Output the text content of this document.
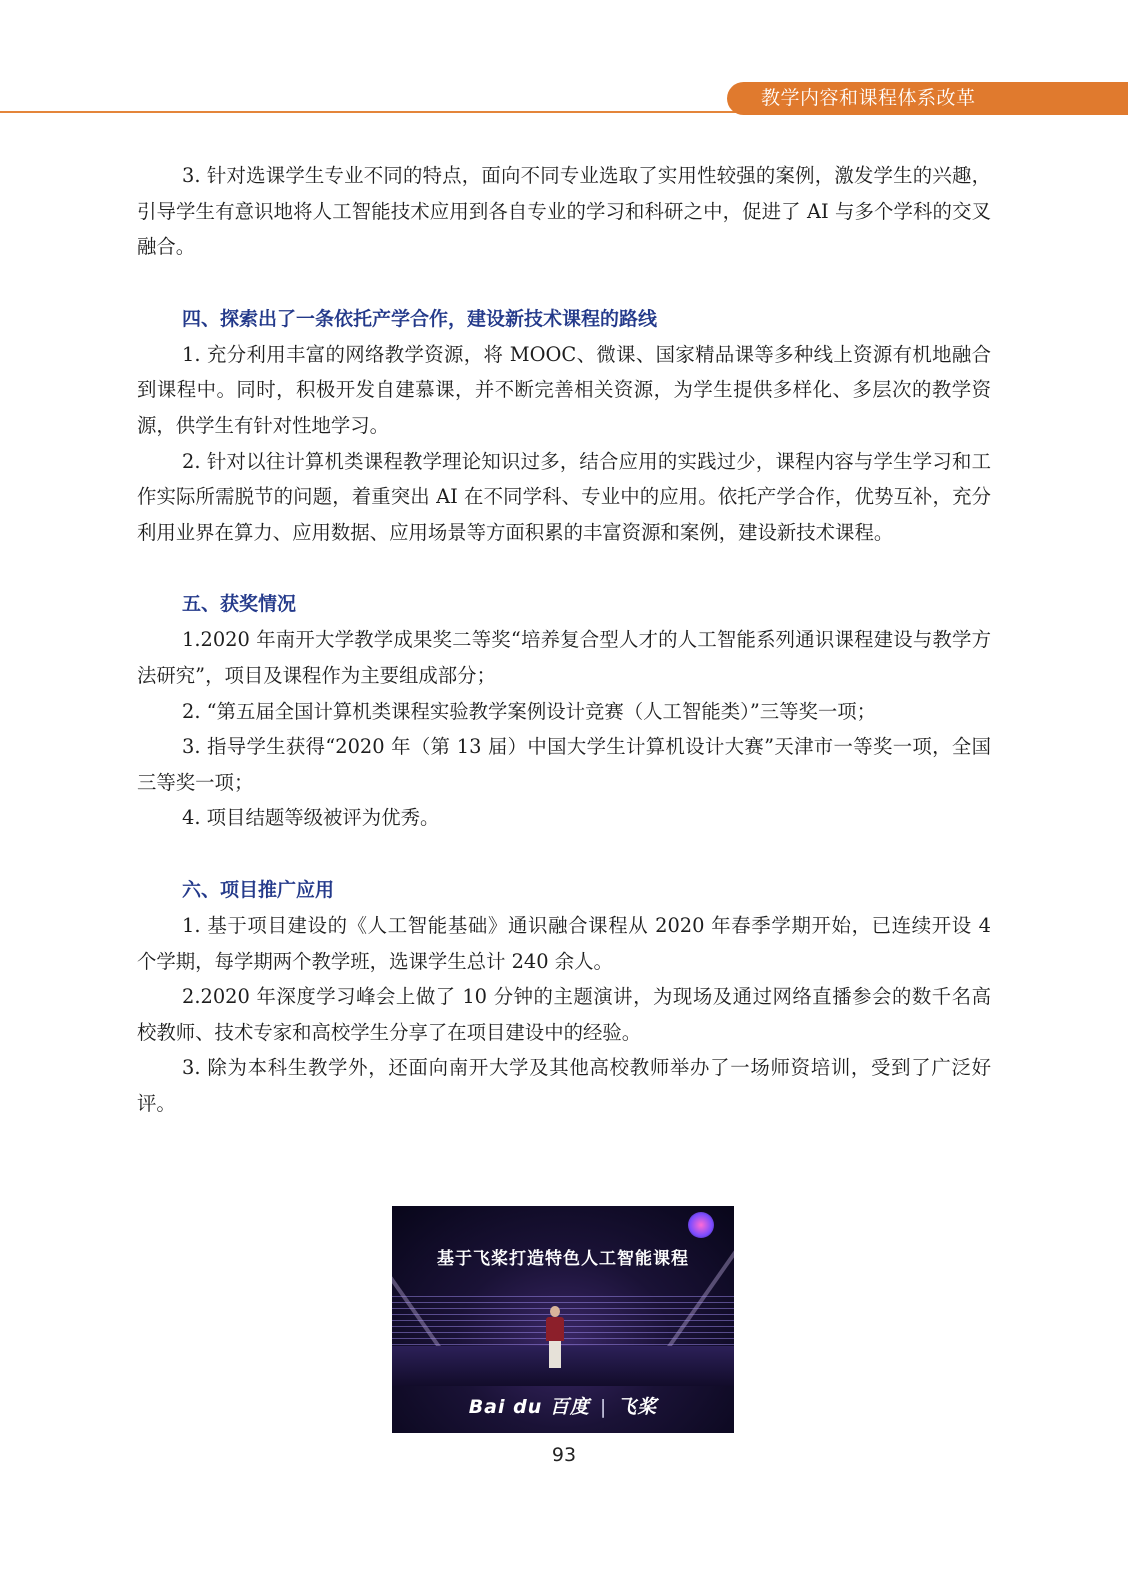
教学内容和课程体系改革

3. 针对选课学生专业不同的特点，面向不同专业选取了实用性较强的案例，激发学生的兴趣，引导学生有意识地将人工智能技术应用到各自专业的学习和科研之中，促进了 AI 与多个学科的交叉融合。

四、探索出了一条依托产学合作，建设新技术课程的路线

1. 充分利用丰富的网络教学资源，将 MOOC、微课、国家精品课等多种线上资源有机地融合到课程中。同时，积极开发自建慕课，并不断完善相关资源，为学生提供多样化、多层次的教学资源，供学生有针对性地学习。

2. 针对以往计算机类课程教学理论知识过多，结合应用的实践过少，课程内容与学生学习和工作实际所需脱节的问题，着重突出 AI 在不同学科、专业中的应用。依托产学合作，优势互补，充分利用业界在算力、应用数据、应用场景等方面积累的丰富资源和案例，建设新技术课程。

五、获奖情况

1.2020 年南开大学教学成果奖二等奖“培养复合型人才的人工智能系列通识课程建设与教学方法研究”，项目及课程作为主要组成部分；

2. “第五届全国计算机类课程实验教学案例设计竞赛（人工智能类）”三等奖一项；

3. 指导学生获得“2020 年（第 13 届）中国大学生计算机设计大赛”天津市一等奖一项，全国三等奖一项；

4. 项目结题等级被评为优秀。

六、项目推广应用

1. 基于项目建设的《人工智能基础》通识融合课程从 2020 年春季学期开始，已连续开设 4 个学期，每学期两个教学班，选课学生总计 240 余人。

2.2020 年深度学习峰会上做了 10 分钟的主题演讲，为现场及通过网络直播参会的数千名高校教师、技术专家和高校学生分享了在项目建设中的经验。

3. 除为本科生教学外，还面向南开大学及其他高校教师举办了一场师资培训，受到了广泛好评。

基于飞桨打造特色人工智能课程
Bai du 百度 | 飞桨
93
